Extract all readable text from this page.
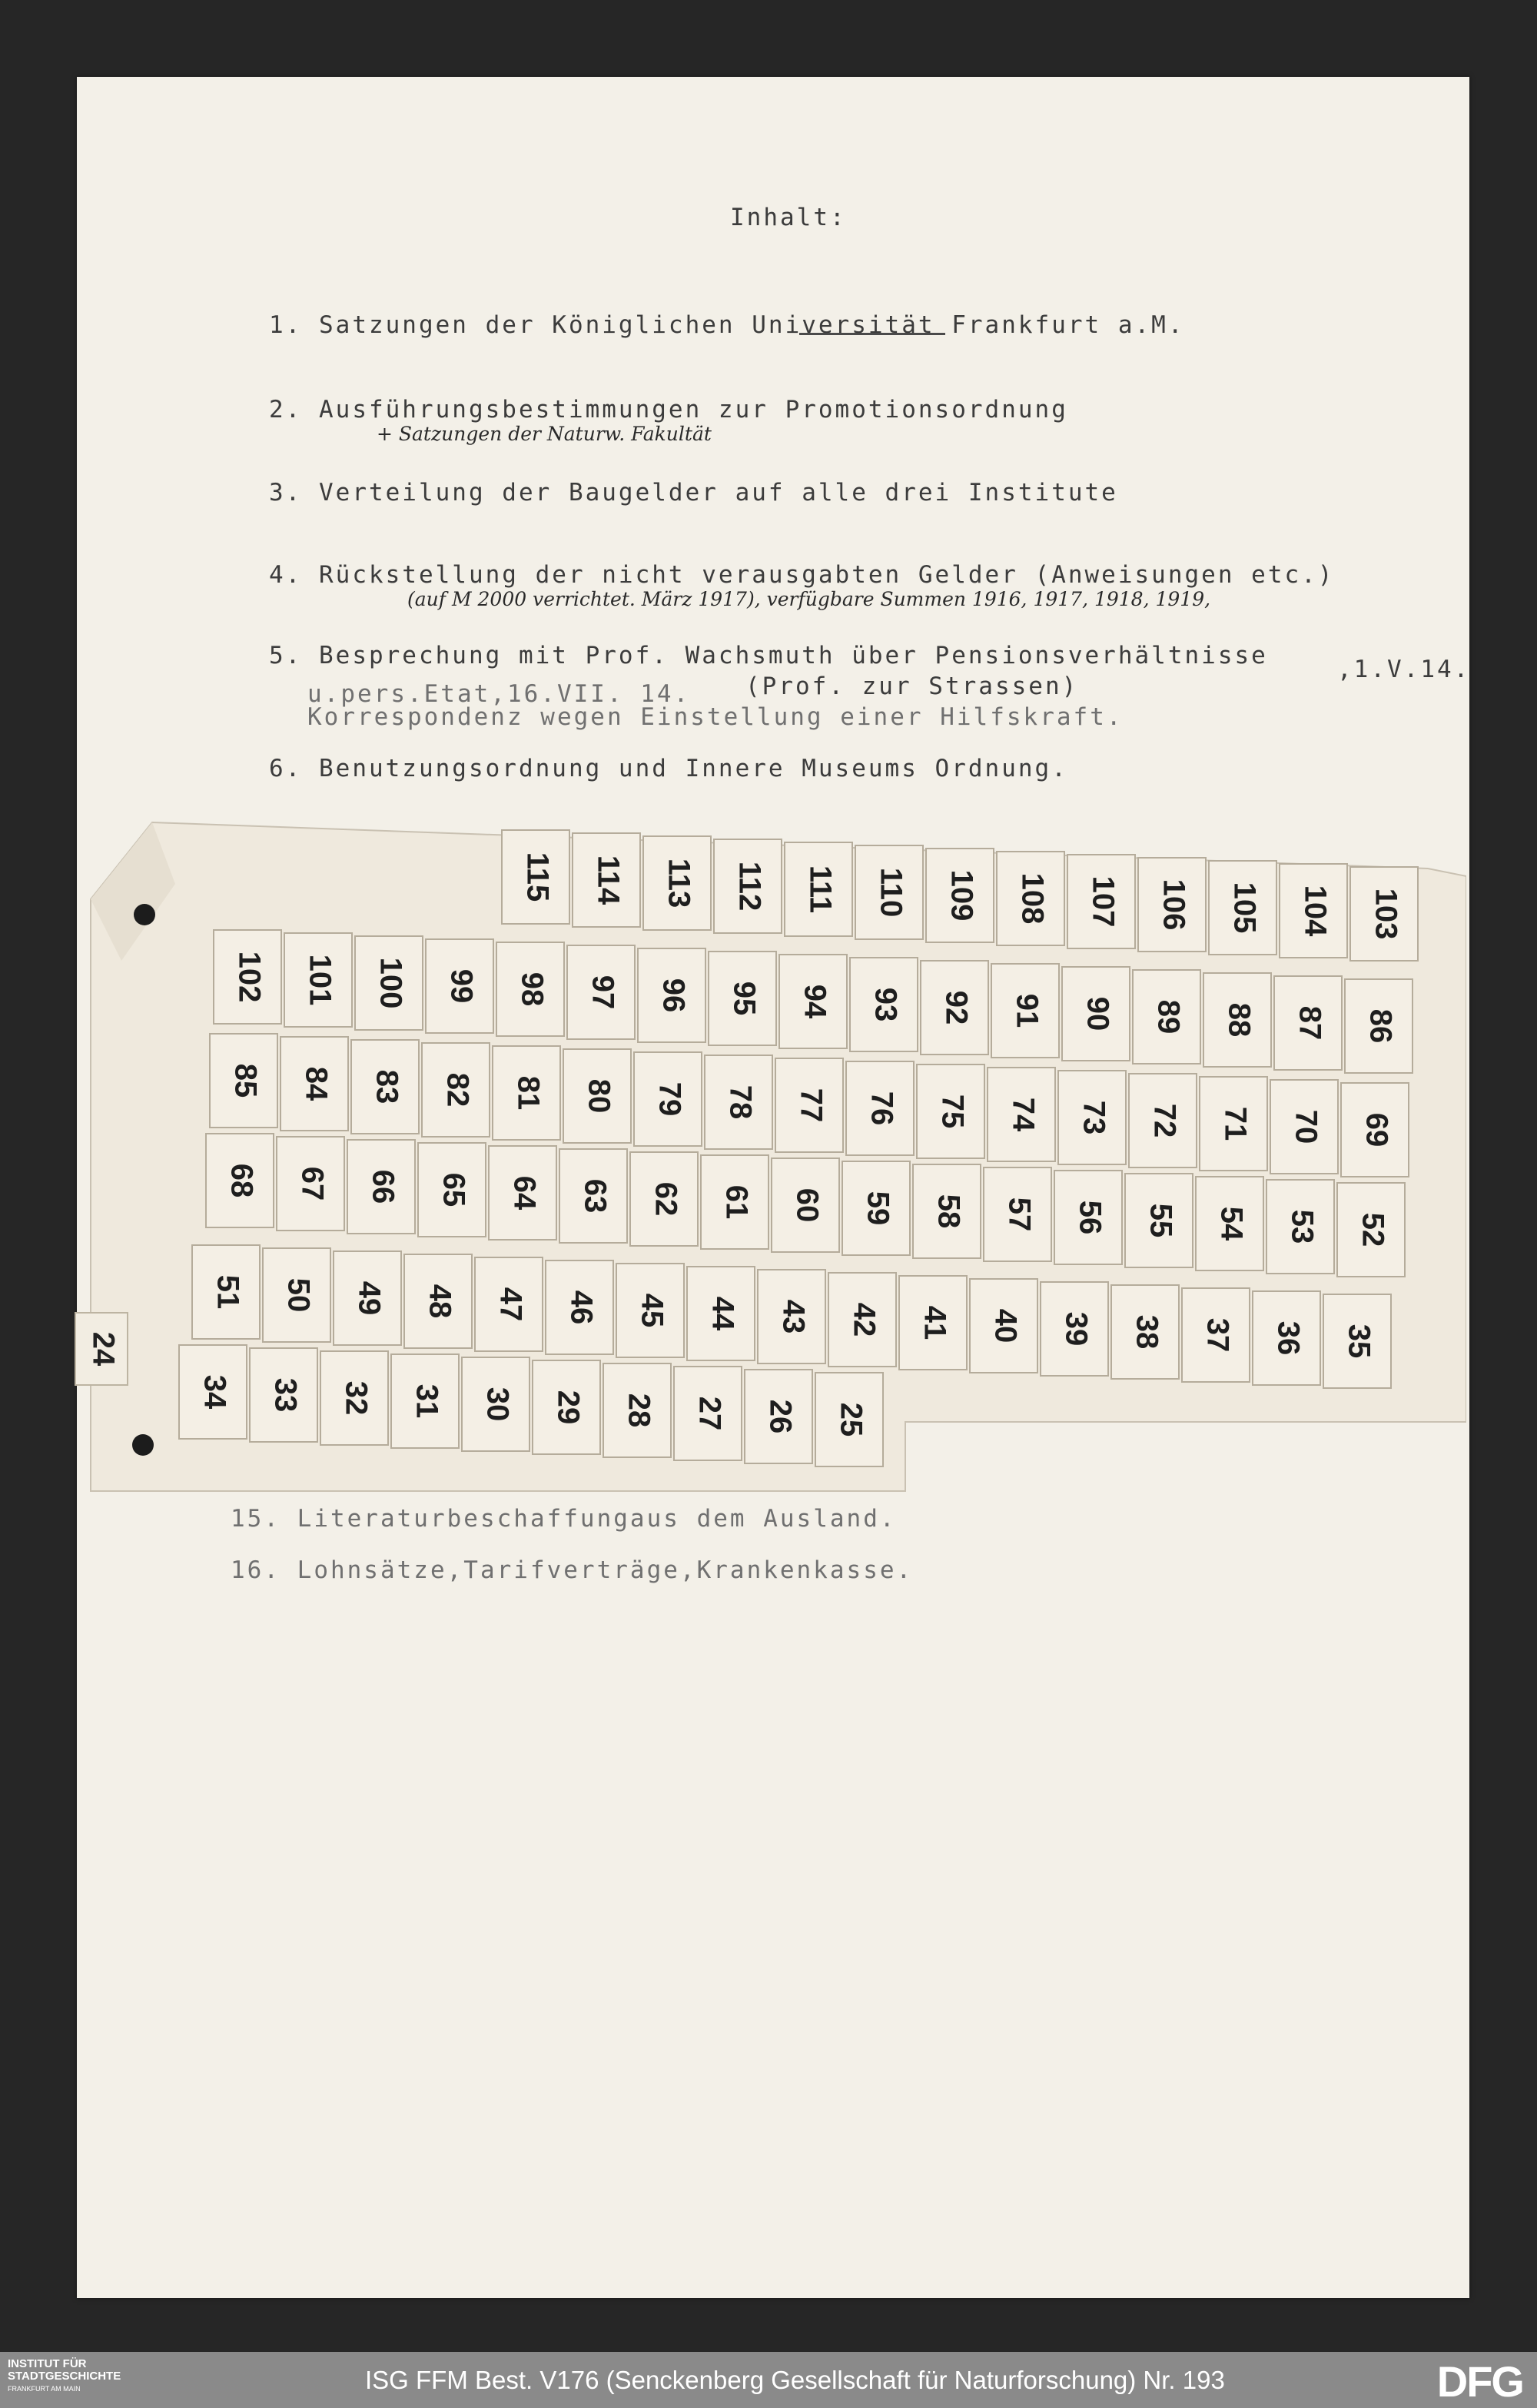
Inhalt:
1. Satzungen der Königlichen Universität Frankfurt a.M.
2. Ausführungsbestimmungen zur Promotionsordnung
+ Satzungen der Naturw. Fakultät
3. Verteilung der Baugelder auf alle drei Institute
4. Rückstellung der nicht verausgabten Gelder (Anweisungen etc.)
(auf M 2000 verrichtet. März 1917), verfügbare Summen 1916, 1917, 1918, 1919,
5. Besprechung mit Prof. Wachsmuth über Pensionsverhältnisse	,1.V.14.
u.pers.Etat,16.VII. 14. (Prof. zur Strassen)
Korrespondenz wegen Einstellung einer Hilfskraft.
6. Benutzungsordnung und Innere Museums Ordnung.
15. Literaturbeschaffungaus dem Ausland.
16. Lohnsätze,Tarifverträge,Krankenkasse.
115 114 113 112 111 110 109 108 107 106 105 104 103
102 101 100 99 98 97 96 95 94 93 92 91 90 89 88 87 86
85 84 83 82 81 80 79 78 77 76 75 74 73 72 71 70 69
68 67 66 65 64 63 62 61 60 59 58 57 56 55 54 53 52
51 50 49 48 47 46 45 44 43 42 41 40 39 38 37 36 35
34 33 32 31 30 29 28 27 26 25
24
INSTITUT FÜR
STADTGESCHICHTE
FRANKFURT AM MAIN	ISG FFM Best. V176 (Senckenberg Gesellschaft für Naturforschung) Nr. 193	DFG
